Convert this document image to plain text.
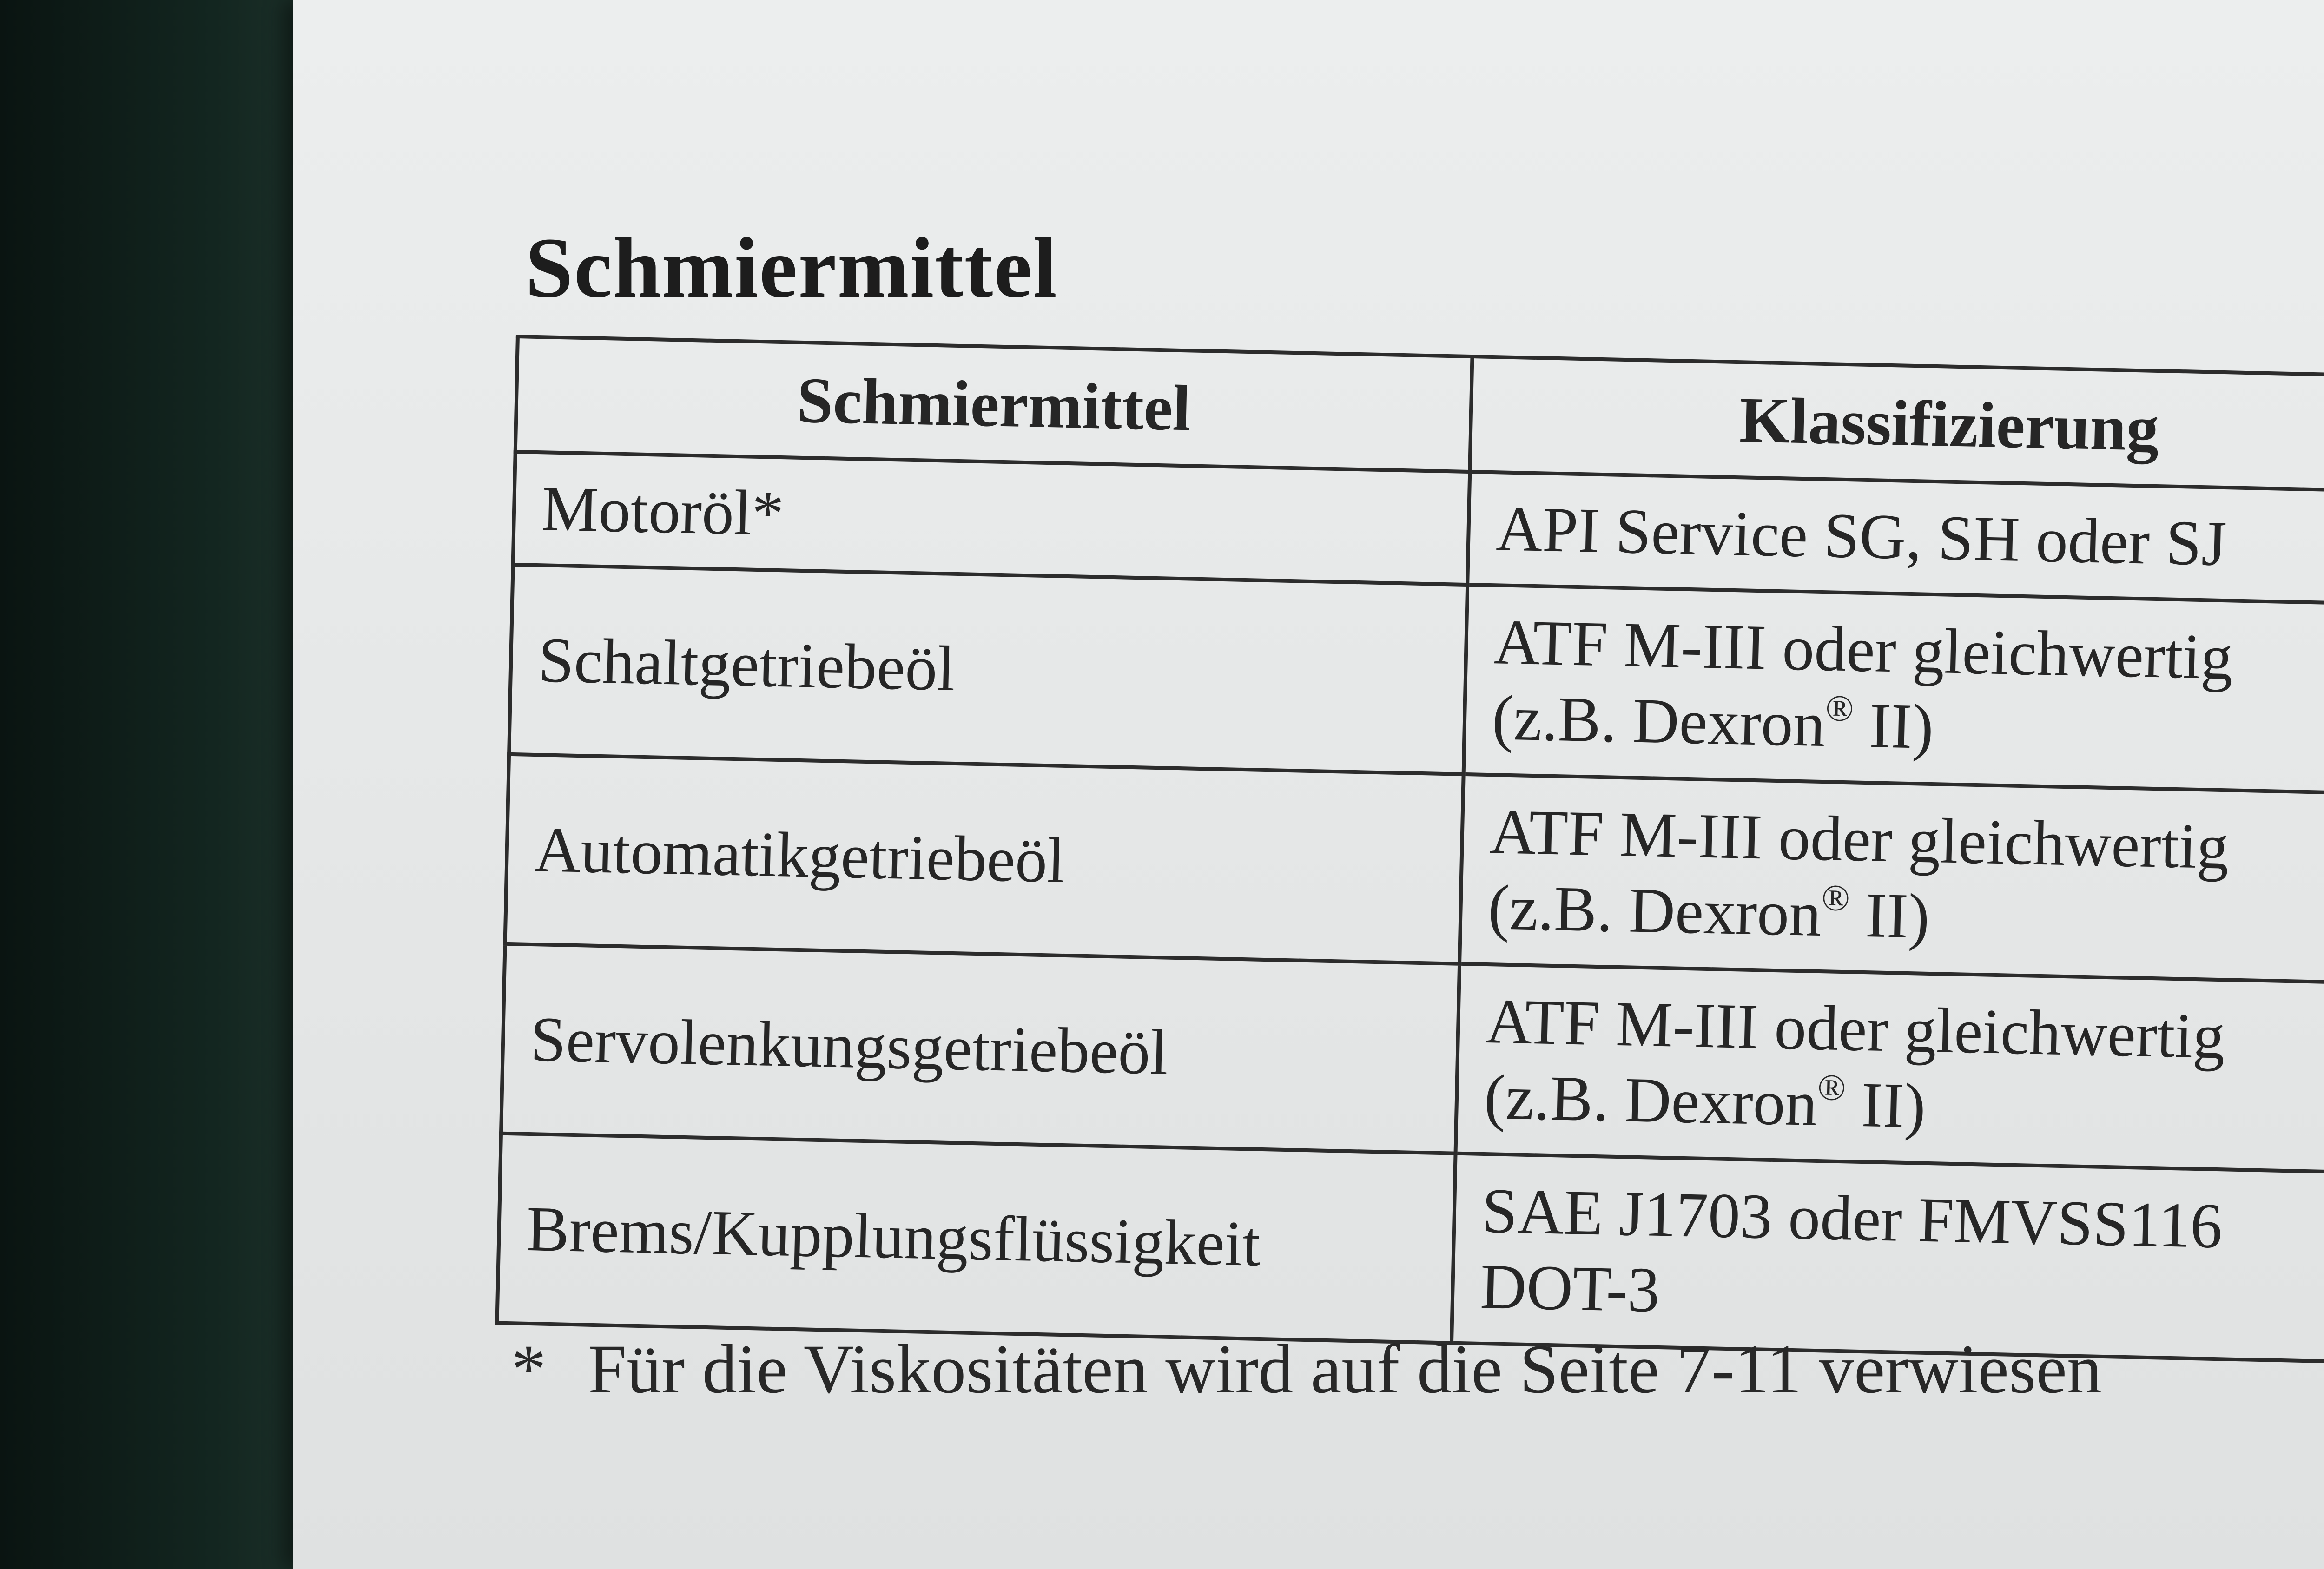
Schmiermittel
Schmiermittel	Klassifizierung
Motoröl*	API Service SG, SH oder SJ

Schaltgetriebeöl	ATF M-III oder gleichwertig
(z.B. Dexron® II)

Automatikgetriebeöl	ATF M-III oder gleichwertig
(z.B. Dexron® II)

Servolenkungsgetriebeöl	ATF M-III oder gleichwertig
(z.B. Dexron® II)

Brems/Kupplungsflüssigkeit	SAE J1703 oder FMVSS116
DOT-3
* Für die Viskositäten wird auf die Seite 7-11 verwiesen
